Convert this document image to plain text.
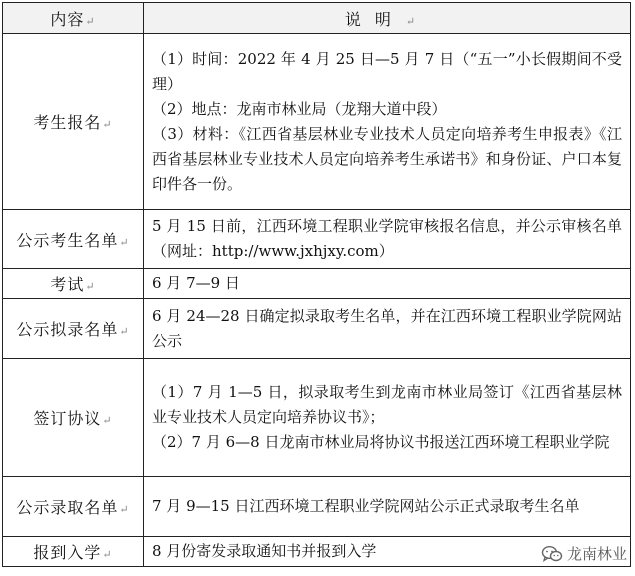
内容↵	说明↵
考生报名↵	（1）时间：2022 年 4 月 25 日—5 月 7 日（“五一”小长假期间不受理）
（2）地点：龙南市林业局（龙翔大道中段）
（3）材料：《江西省基层林业专业技术人员定向培养考生申报表》《江西省基层林业专业技术人员定向培养考生承诺书》和身份证、户口本复印件各一份。

公示考生名单↵	5 月 15 日前，江西环境工程职业学院审核报名信息，并公示审核名单（网址：http://www.jxhjxy.com）

考试↵	6 月 7—9 日

公示拟录名单↵	6 月 24—28 日确定拟录取考生名单，并在江西环境工程职业学院网站公示

签订协议↵	（1）7 月 1—5 日，拟录取考生到龙南市林业局签订《江西省基层林业专业技术人员定向培养协议书》；
（2）7 月 6—8 日龙南市林业局将协议书报送江西环境工程职业学院

公示录取名单↵	7 月 9—15 日江西环境工程职业学院网站公示正式录取考生名单

报到入学↵	8 月份寄发录取通知书并报到入学	龙南林业
